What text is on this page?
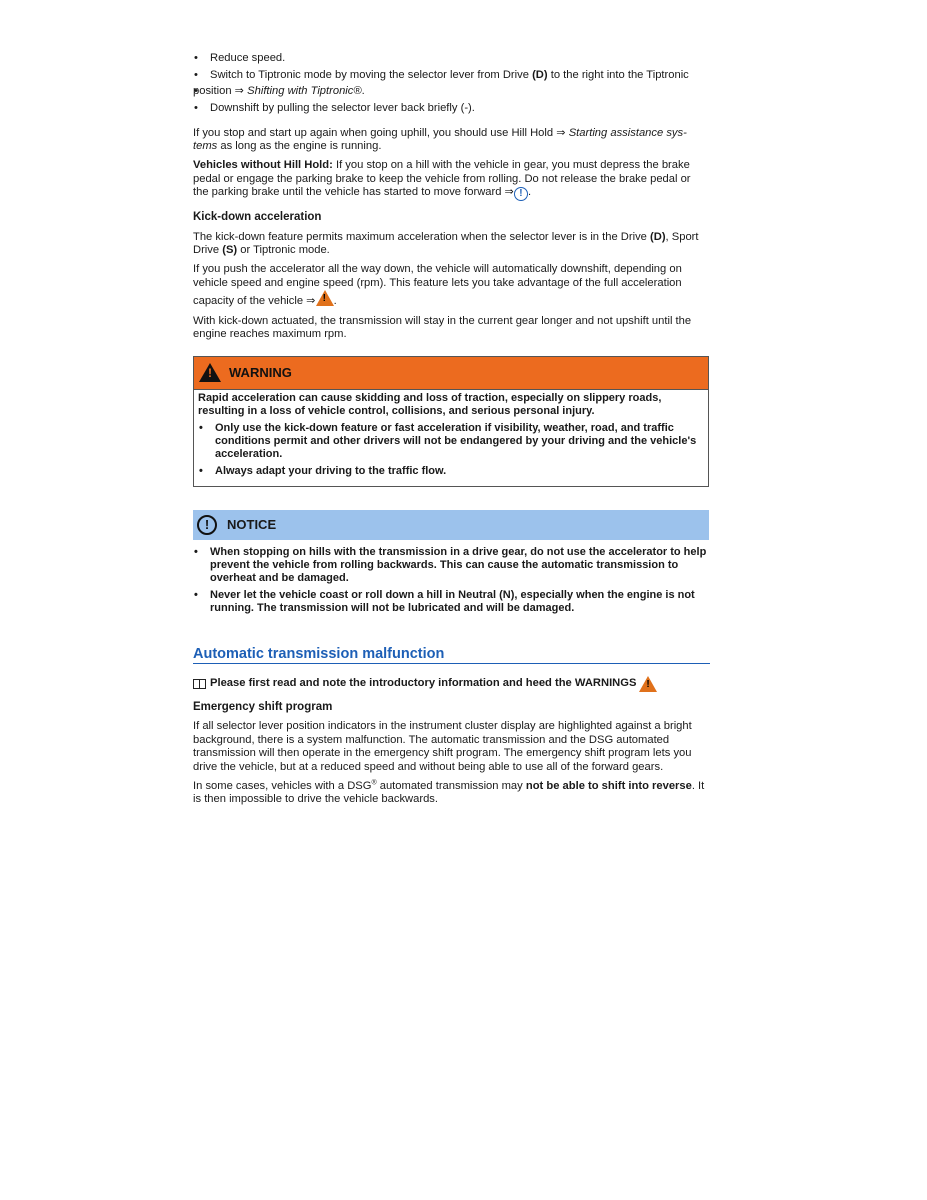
• Reduce speed.
• Switch to Tiptronic mode by moving the selector lever from Drive (D) to the right into the Tiptronic
• position ⇒ Shifting with Tiptronic®.
• Downshift by pulling the selector lever back briefly (-).

If you stop and start up again when going uphill, you should use Hill Hold ⇒ Starting assistance sys-tems as long as the engine is running.

Vehicles without Hill Hold: If you stop on a hill with the vehicle in gear, you must depress the brake pedal or engage the parking brake to keep the vehicle from rolling. Do not release the brake pedal or the parking brake until the vehicle has started to move forward ⇒ ! .

Kick-down acceleration

The kick-down feature permits maximum acceleration when the selector lever is in the Drive (D), Sport Drive (S) or Tiptronic mode.

If you push the accelerator all the way down, the vehicle will automatically downshift, depending on vehicle speed and engine speed (rpm). This feature lets you take advantage of the full acceleration capacity of the vehicle ⇒ ! .

With kick-down actuated, the transmission will stay in the current gear longer and not upshift until the engine reaches maximum rpm.

! WARNING

Rapid acceleration can cause skidding and loss of traction, especially on slippery roads, resulting in a loss of vehicle control, collisions, and serious personal injury.

• Only use the kick-down feature or fast acceleration if visibility, weather, road, and traffic conditions permit and other drivers will not be endangered by your driving and the vehicle's acceleration.
• Always adapt your driving to the traffic flow.
!	NOTICE
• When stopping on hills with the transmission in a drive gear, do not use the accelerator to help prevent the vehicle from rolling backwards. This can cause the automatic transmission to overheat and be damaged.
• Never let the vehicle coast or roll down a hill in Neutral (N), especially when the engine is not running. The transmission will not be lubricated and will be damaged.
Automatic transmission malfunction
Please first read and note the introductory information and heed the WARNINGS !
Emergency shift program

If all selector lever position indicators in the instrument cluster display are highlighted against a bright background, there is a system malfunction. The automatic transmission and the DSG automated transmission will then operate in the emergency shift program. The emergency shift program lets you drive the vehicle, but at a reduced speed and without being able to use all of the forward gears.

In some cases, vehicles with a DSG® automated transmission may not be able to shift into reverse. It is then impossible to drive the vehicle backwards.
